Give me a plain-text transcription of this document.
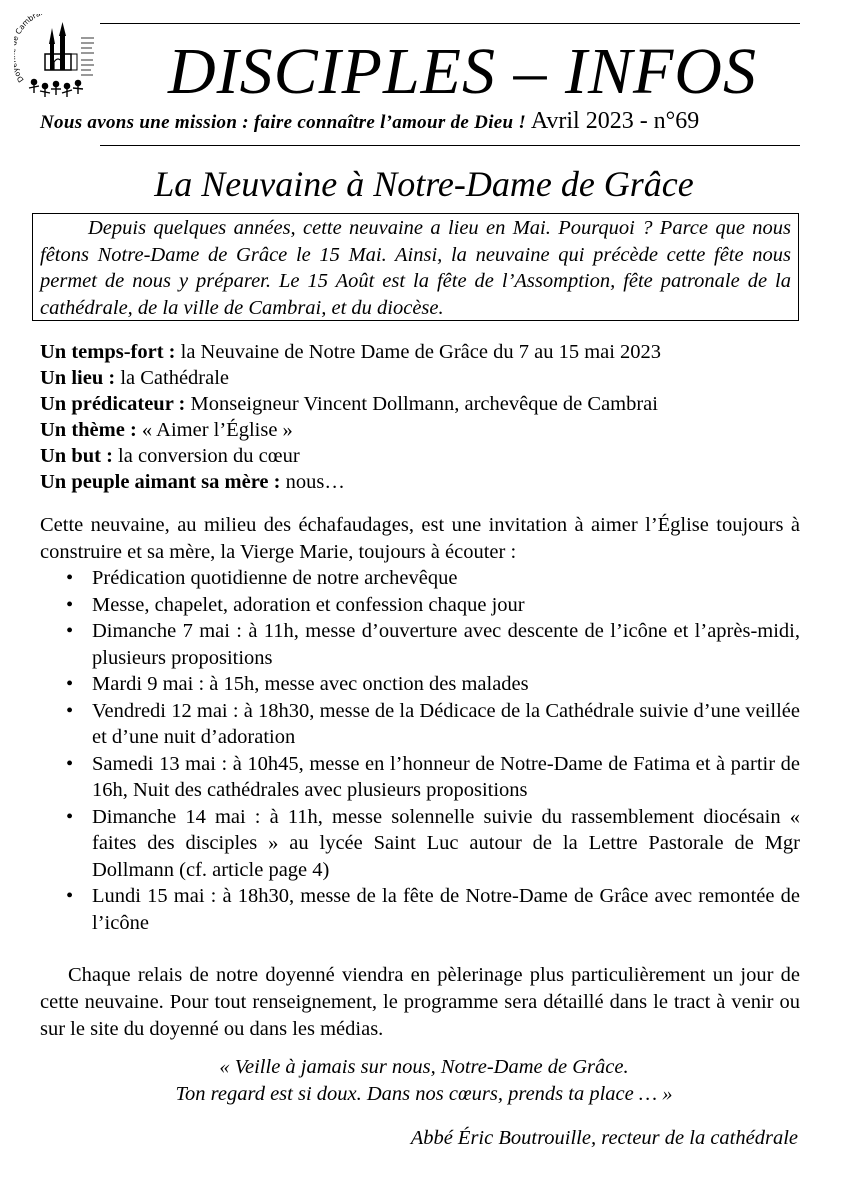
D Cambr
DISCIPLES – INFOS
Nous avons une mission : faire connaître l’amour de Dieu ! Avril 2023 - n°69
La Neuvaine à Notre-Dame de Grâce

Depuis quelques années, cette neuvaine a lieu en Mai. Pourquoi ? Parce que nous fêtons Notre-Dame de Grâce le 15 Mai. Ainsi, la neuvaine qui précède cette fête nous permet de nous y préparer. Le 15 Août est la fête de l’Assomption, fête patronale de la cathédrale, de la ville de Cambrai, et du diocèse.

Un temps-fort : la Neuvaine de Notre Dame de Grâce du 7 au 15 mai 2023
Un lieu : la Cathédrale
Un prédicateur : Monseigneur Vincent Dollmann, archevêque de Cambrai
Un thème : « Aimer l’Église »
Un but : la conversion du cœur
Un peuple aimant sa mère : nous…

Cette neuvaine, au milieu des échafaudages, est une invitation à aimer l’Église toujours à construire et sa mère, la Vierge Marie, toujours à écouter :

• Prédication quotidienne de notre archevêque
• Messe, chapelet, adoration et confession chaque jour
• Dimanche 7 mai : à 11h, messe d’ouverture avec descente de l’icône et l’après-midi, plusieurs propositions
• Mardi 9 mai : à 15h, messe avec onction des malades
• Vendredi 12 mai : à 18h30, messe de la Dédicace de la Cathédrale suivie d’une veillée et d’une nuit d’adoration
• Samedi 13 mai : à 10h45, messe en l’honneur de Notre-Dame de Fatima et à partir de 16h, Nuit des cathédrales avec plusieurs propositions
• Dimanche 14 mai : à 11h, messe solennelle suivie du rassemblement diocésain « faites des disciples » au lycée Saint Luc autour de la Lettre Pastorale de Mgr Dollmann (cf. article page 4)
• Lundi 15 mai : à 18h30, messe de la fête de Notre-Dame de Grâce avec remontée de l’icône

Chaque relais de notre doyenné viendra en pèlerinage plus particulièrement un jour de cette neuvaine. Pour tout renseignement, le programme sera détaillé dans le tract à venir ou sur le site du doyenné ou dans les médias.

« Veille à jamais sur nous, Notre-Dame de Grâce.
Ton regard est si doux. Dans nos cœurs, prends ta place … »
Abbé Éric Boutrouille, recteur de la cathédrale
